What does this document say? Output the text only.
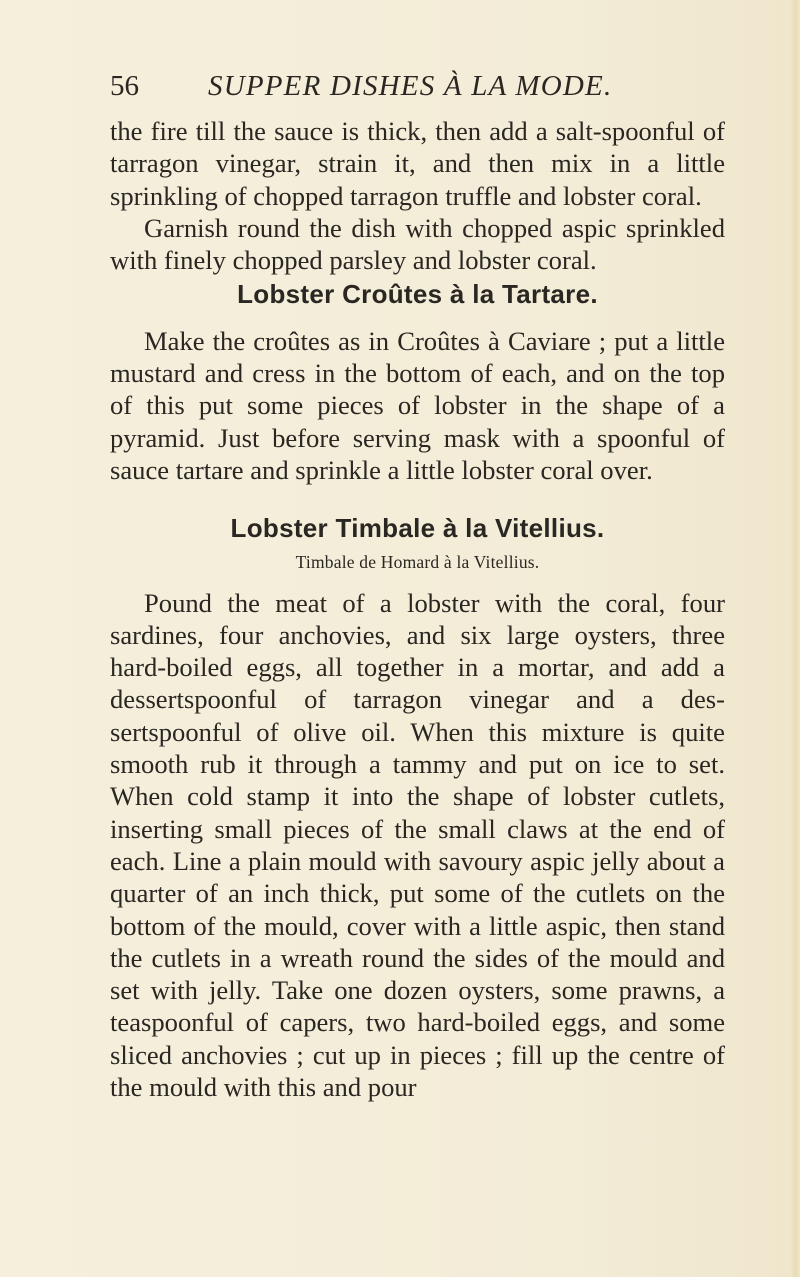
56 SUPPER DISHES À LA MODE.

the fire till the sauce is thick, then add a salt-spoonful of tarragon vinegar, strain it, and then mix in a little sprinkling of chopped tarragon truffle and lobster coral.

Garnish round the dish with chopped aspic sprinkled with finely chopped parsley and lobster coral.

Lobster Croûtes à la Tartare.

Make the croûtes as in Croûtes à Caviare ; put a little mustard and cress in the bottom of each, and on the top of this put some pieces of lobster in the shape of a pyramid. Just before serving mask with a spoonful of sauce tartare and sprinkle a little lobster coral over.

Lobster Timbale à la Vitellius.
Timbale de Homard à la Vitellius.

Pound the meat of a lobster with the coral, four sardines, four anchovies, and six large oysters, three hard-boiled eggs, all together in a mortar, and add a dessertspoonful of tarragon vinegar and a des-sertspoonful of olive oil. When this mixture is quite smooth rub it through a tammy and put on ice to set. When cold stamp it into the shape of lobster cutlets, inserting small pieces of the small claws at the end of each. Line a plain mould with savoury aspic jelly about a quarter of an inch thick, put some of the cutlets on the bottom of the mould, cover with a little aspic, then stand the cutlets in a wreath round the sides of the mould and set with jelly. Take one dozen oysters, some prawns, a teaspoonful of capers, two hard-boiled eggs, and some sliced anchovies ; cut up in pieces ; fill up the centre of the mould with this and pour
